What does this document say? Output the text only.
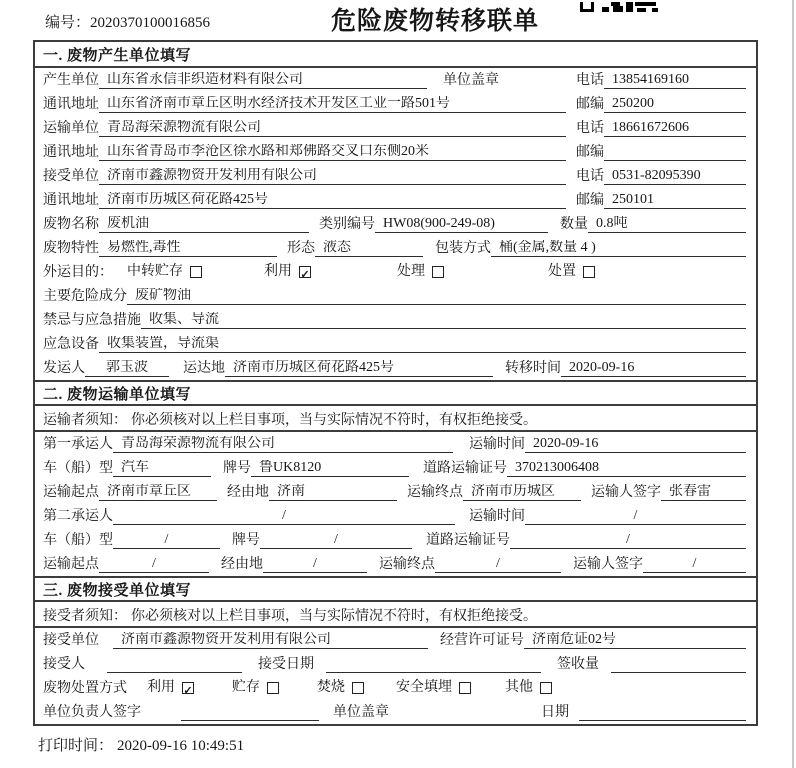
编号：2020370100016856	危险废物转移联单
一. 废物产生单位填写
产生单位 山东省永信非织造材料有限公司	单位盖章	电话 13854169160
通讯地址 山东省济南市章丘区明水经济技术开发区工业一路501号	邮编 250200
运输单位 青岛海荣源物流有限公司	电话 18661672606
通讯地址 山东省青岛市李沧区徐水路和郑佛路交叉口东侧20米	邮编
接受单位 济南市鑫源物资开发利用有限公司	电话 0531-82095390
通讯地址 济南市历城区荷花路425号	邮编 250101
废物名称 废机油	类别编号 HW08(900-249-08)	数量 0.8吨
废物特性 易燃性,毒性	形态 液态	包装方式 桶(金属,数量 4 )
外运目的： 中转贮存	利用 ✓	处理	处置
主要危险成分 废矿物油
禁忌与应急措施 收集、导流
应急设备 收集装置，导流渠
发运人	郭玉波	运达地 济南市历城区荷花路425号	转移时间 2020-09-16
二. 废物运输单位填写
运输者须知： 你必须核对以上栏目事项，当与实际情况不符时，有权拒绝接受。
第一承运人 青岛海荣源物流有限公司	运输时间 2020-09-16
车（船）型 汽车	牌号 鲁UK8120	道路运输证号 370213006408
运输起点 济南市章丘区	经由地 济南	运输终点 济南市历城区	运输人签字 张春雷
第二承运人	/	运输时间	/
车（船）型	/	牌号	/	道路运输证号	/
运输起点	/	经由地	/	运输终点	/	运输人签字	/
三. 废物接受单位填写
接受者须知： 你必须核对以上栏目事项，当与实际情况不符时，有权拒绝接受。
接受单位	济南市鑫源物资开发利用有限公司	经营许可证号 济南危证02号
接受人	接受日期	签收量
废物处置方式 利用 ✓	贮存	焚烧	安全填埋	其他
单位负责人签字	单位盖章	日期
打印时间： 2020-09-16 10:49:51
